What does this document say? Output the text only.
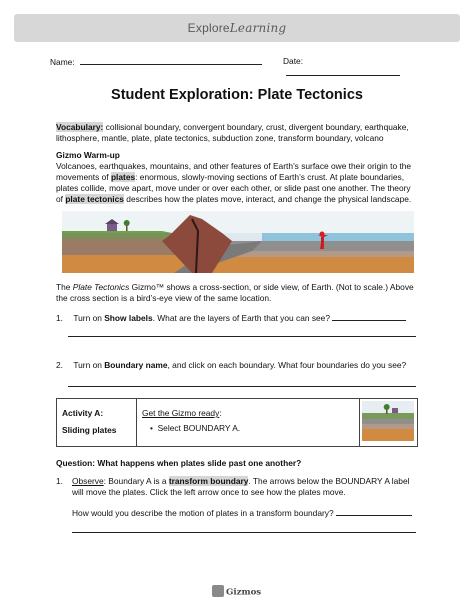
ExploreLearning
Name:	Date:
Student Exploration: Plate Tectonics
Vocabulary: collisional boundary, convergent boundary, crust, divergent boundary, earthquake, lithosphere, mantle, plate, plate tectonics, subduction zone, transform boundary, volcano
Gizmo Warm-up
Volcanoes, earthquakes, mountains, and other features of Earth’s surface owe their origin to the movements of plates: enormous, slowly-moving sections of Earth’s crust. At plate boundaries, plates collide, move apart, move under or over each other, or slide past one another. The theory of plate tectonics describes how the plates move, interact, and change the physical landscape.
The Plate Tectonics Gizmo™ shows a cross-section, or side view, of Earth. (Not to scale.) Above the cross section is a bird’s-eye view of the same location.
1. Turn on Show labels. What are the layers of Earth that you can see?
2. Turn on Boundary name, and click on each boundary. What four boundaries do you see?
Activity A:
Sliding plates	Get the Gizmo ready:
•  Select BOUNDARY A.	
Question: What happens when plates slide past one another?
1. Observe: Boundary A is a transform boundary. The arrows below the BOUNDARY A label will move the plates. Click the left arrow once to see how the plates move.
How would you describe the motion of plates in a transform boundary?
Gizmos
